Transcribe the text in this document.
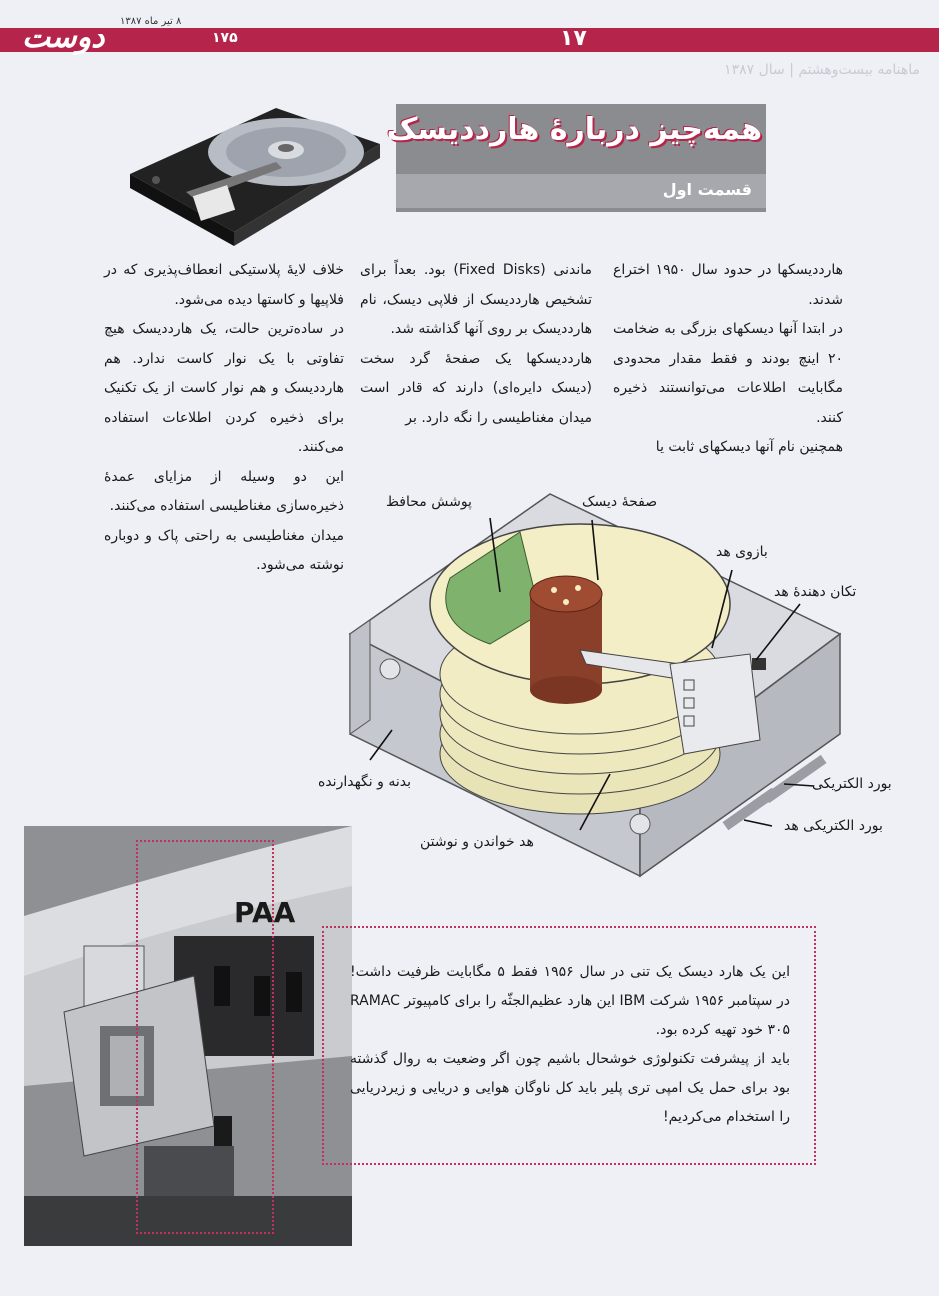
دوست ۸ تیر ماه ۱۳۸۷
۱۷۵	۱۷
ماهنامه بیست‌وهشتم | سال ۱۳۸۷
همه‌چیز دربارۀ هارددیسک
قسمت اول

هارددیسکها در حدود سال ۱۹۵۰ اختراع شدند.

در ابتدا آنها دیسکهای بزرگی به ضخامت ۲۰ اینچ بودند و فقط مقدار محدودی مگابایت اطلاعات می‌توانستند ذخیره کنند.

همچنین نام آنها دیسکهای ثابت یا

ماندنی (Fixed Disks) بود. بعداً برای تشخیص هارددیسک از فلاپی دیسک، نام هارددیسک بر روی آنها گذاشته شد.

هارددیسکها یک صفحۀ گرد سخت (دیسک دایره‌ای) دارند که قادر است میدان مغناطیسی را نگه دارد. بر

خلاف لایۀ پلاستیکی انعطاف‌پذیری که در فلاپیها و کاستها دیده می‌شود.

در ساده‌ترین حالت، یک هارددیسک هیچ تفاوتی با یک نوار کاست ندارد. هم هارددیسک و هم نوار کاست از یک تکنیک برای ذخیره کردن اطلاعات استفاده می‌کنند.

این دو وسیله از مزایای عمدۀ ذخیره‌سازی مغناطیسی استفاده می‌کنند.

میدان مغناطیسی به راحتی پاک و دوباره نوشته می‌شود.

صفحۀ دیسک
پوشش محافظ
بازوی هد
تکان دهندۀ هد
بدنه و نگهدارنده	بورد الکتریکی
بورد الکتریکی هد
هد خواندن و نوشتن
PAA

این یک هارد دیسک یک تنی در سال ۱۹۵۶ فقط ۵ مگابایت ظرفیت داشت! در سپتامبر ۱۹۵۶ شرکت IBM این هارد عظیم‌الجثّه را برای کامپیوتر RAMAC ۳۰۵ خود تهیه کرده بود.

باید از پیشرفت تکنولوژی خوشحال باشیم چون اگر وضعیت به روال گذشته بود برای حمل یک امپی تری پلیر باید کل ناوگان هوایی و دریایی و زیردریایی را استخدام می‌کردیم!
